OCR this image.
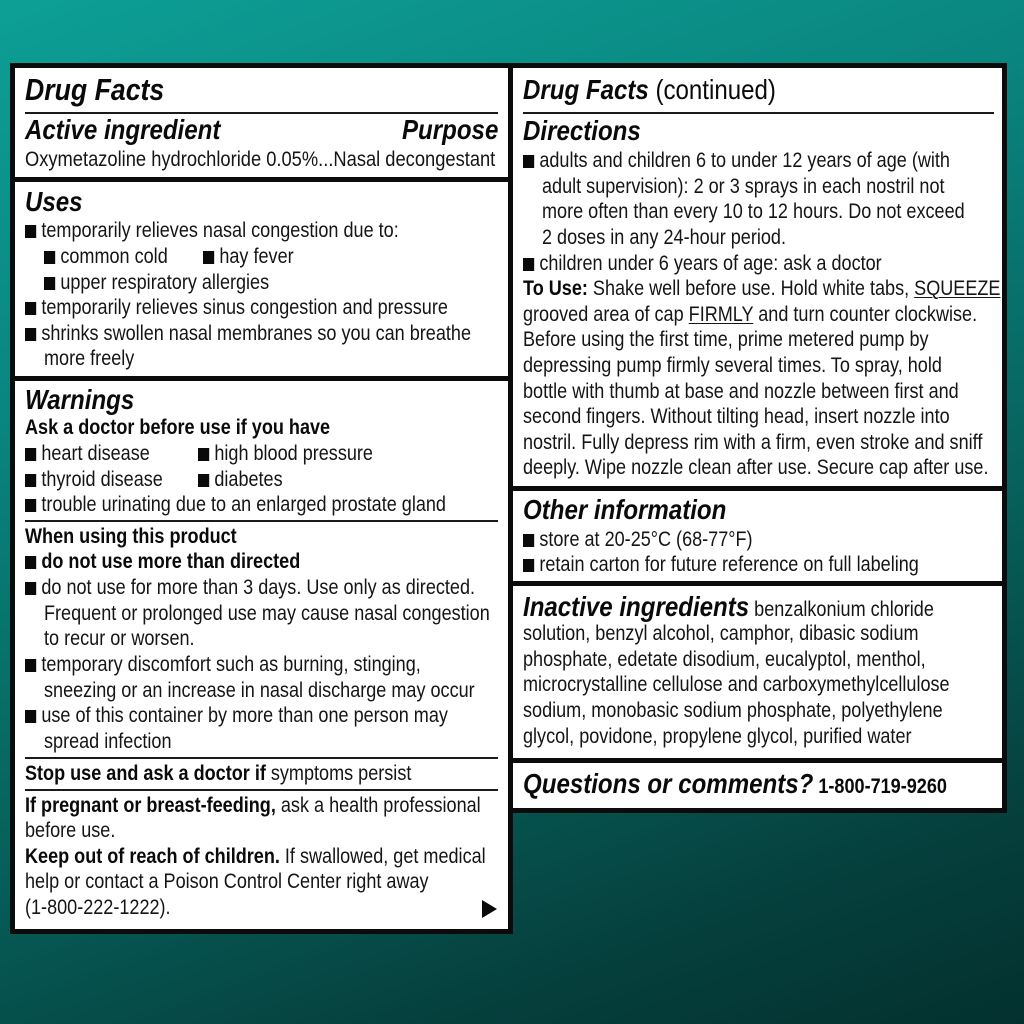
Drug Facts
Active ingredient	Purpose
Oxymetazoline hydrochloride 0.05%...Nasal decongestant
Uses
temporarily relieves nasal congestion due to:
common cold	hay fever
upper respiratory allergies
temporarily relieves sinus congestion and pressure
shrinks swollen nasal membranes so you can breathe
more freely
Warnings
Ask a doctor before use if you have
heart disease	high blood pressure
thyroid disease	diabetes
trouble urinating due to an enlarged prostate gland
When using this product
do not use more than directed
do not use for more than 3 days. Use only as directed.
Frequent or prolonged use may cause nasal congestion
to recur or worsen.
temporary discomfort such as burning, stinging,
sneezing or an increase in nasal discharge may occur
use of this container by more than one person may
spread infection
Stop use and ask a doctor if symptoms persist
If pregnant or breast-feeding, ask a health professional
before use.
Keep out of reach of children. If swallowed, get medical
help or contact a Poison Control Center right away
(1-800-222-1222).
Drug Facts (continued)
Directions
adults and children 6 to under 12 years of age (with
adult supervision): 2 or 3 sprays in each nostril not
more often than every 10 to 12 hours. Do not exceed
2 doses in any 24-hour period.
children under 6 years of age: ask a doctor
To Use: Shake well before use. Hold white tabs, SQUEEZE
grooved area of cap FIRMLY and turn counter clockwise.
Before using the first time, prime metered pump by
depressing pump firmly several times. To spray, hold
bottle with thumb at base and nozzle between first and
second fingers. Without tilting head, insert nozzle into
nostril. Fully depress rim with a firm, even stroke and sniff
deeply. Wipe nozzle clean after use. Secure cap after use.
Other information
store at 20-25°C (68-77°F)
retain carton for future reference on full labeling
Inactive ingredients benzalkonium chloride
solution, benzyl alcohol, camphor, dibasic sodium
phosphate, edetate disodium, eucalyptol, menthol,
microcrystalline cellulose and carboxymethylcellulose
sodium, monobasic sodium phosphate, polyethylene
glycol, povidone, propylene glycol, purified water
Questions or comments? 1-800-719-9260
